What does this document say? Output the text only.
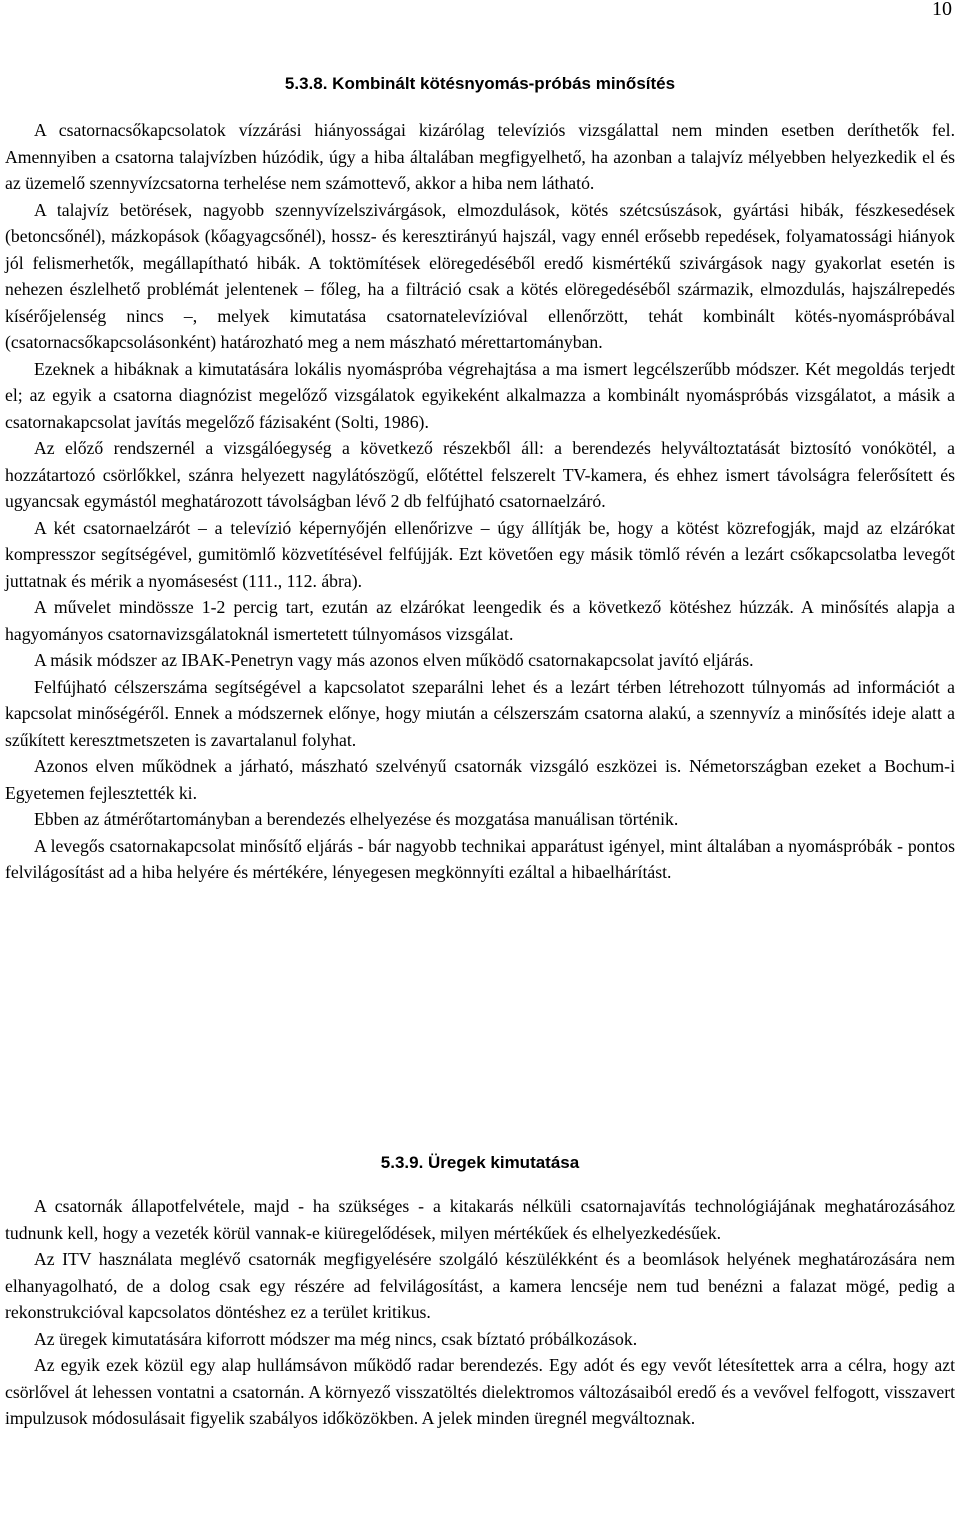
10
5.3.8. Kombinált kötésnyomás-próbás minősítés

A csatornacsőkapcsolatok vízzárási hiányosságai kizárólag televíziós vizsgálattal nem minden esetben deríthetők fel. Amennyiben a csatorna talajvízben húzódik, úgy a hiba általában megfigyelhető, ha azonban a talajvíz mélyebben helyezkedik el és az üzemelő szennyvízcsatorna terhelése nem számottevő, akkor a hiba nem látható.

A talajvíz betörések, nagyobb szennyvízelszivárgások, elmozdulások, kötés szétcsúszások, gyártási hibák, fészkesedések (betoncsőnél), mázkopások (kőagyagcsőnél), hossz- és keresztirányú hajszál, vagy ennél erősebb repedések, folyamatossági hiányok jól felismerhetők, megállapítható hibák. A toktömítések elöregedéséből eredő kismértékű szivárgások nagy gyakorlat esetén is nehezen észlelhető problémát jelentenek – főleg, ha a filtráció csak a kötés elöregedéséből származik, elmozdulás, hajszálrepedés kísérőjelenség nincs –, melyek kimutatása csatornatelevízióval ellenőrzött, tehát kombinált kötés-nyomáspróbával (csatornacsőkapcsolásonként) határozható meg a nem mászható mérettartományban.

Ezeknek a hibáknak a kimutatására lokális nyomáspróba végrehajtása a ma ismert legcélszerűbb módszer. Két megoldás terjedt el; az egyik a csatorna diagnózist megelőző vizsgálatok egyikeként alkalmazza a kombinált nyomáspróbás vizsgálatot, a másik a csatornakapcsolat javítás megelőző fázisaként (Solti, 1986).

Az előző rendszernél a vizsgálóegység a következő részekből áll: a berendezés helyváltoztatását biztosító vonókötél, a hozzátartozó csörlőkkel, szánra helyezett nagylátószögű, előtéttel felszerelt TV-kamera, és ehhez ismert távolságra felerősített és ugyancsak egymástól meghatározott távolságban lévő 2 db felfújható csatornaelzáró.

A két csatornaelzárót – a televízió képernyőjén ellenőrizve – úgy állítják be, hogy a kötést közrefogják, majd az elzárókat kompresszor segítségével, gumitömlő közvetítésével felfújják. Ezt követően egy másik tömlő révén a lezárt csőkapcsolatba levegőt juttatnak és mérik a nyomásesést (111., 112. ábra).

A művelet mindössze 1-2 percig tart, ezután az elzárókat leengedik és a következő kötéshez húzzák. A minősítés alapja a hagyományos csatornavizsgálatoknál ismertetett túlnyomásos vizsgálat.

A másik módszer az IBAK-Penetryn vagy más azonos elven működő csatornakapcsolat javító eljárás.

Felfújható célszerszáma segítségével a kapcsolatot szeparálni lehet és a lezárt térben létrehozott túlnyomás ad információt a kapcsolat minőségéről. Ennek a módszernek előnye, hogy miután a célszerszám csatorna alakú, a szennyvíz a minősítés ideje alatt a szűkített keresztmetszeten is zavartalanul folyhat.

Azonos elven működnek a járható, mászható szelvényű csatornák vizsgáló eszközei is. Németországban ezeket a Bochum-i Egyetemen fejlesztették ki.

Ebben az átmérőtartományban a berendezés elhelyezése és mozgatása manuálisan történik.

A levegős csatornakapcsolat minősítő eljárás - bár nagyobb technikai apparátust igényel, mint általában a nyomáspróbák - pontos felvilágosítást ad a hiba helyére és mértékére, lényegesen megkönnyíti ezáltal a hibaelhárítást.

5.3.9. Üregek kimutatása

A csatornák állapotfelvétele, majd - ha szükséges - a kitakarás nélküli csatornajavítás technológiájának meghatározásához tudnunk kell, hogy a vezeték körül vannak-e kiüregelődések, milyen mértékűek és elhelyezkedésűek.

Az ITV használata meglévő csatornák megfigyelésére szolgáló készülékként és a beomlások helyének meghatározására nem elhanyagolható, de a dolog csak egy részére ad felvilágosítást, a kamera lencséje nem tud benézni a falazat mögé, pedig a rekonstrukcióval kapcsolatos döntéshez ez a terület kritikus.

Az üregek kimutatására kiforrott módszer ma még nincs, csak bíztató próbálkozások.

Az egyik ezek közül egy alap hullámsávon működő radar berendezés. Egy adót és egy vevőt létesítettek arra a célra, hogy azt csörlővel át lehessen vontatni a csatornán. A környező visszatöltés dielektromos változásaiból eredő és a vevővel felfogott, visszavert impulzusok módosulásait figyelik szabályos időközökben. A jelek minden üregnél megváltoznak.
